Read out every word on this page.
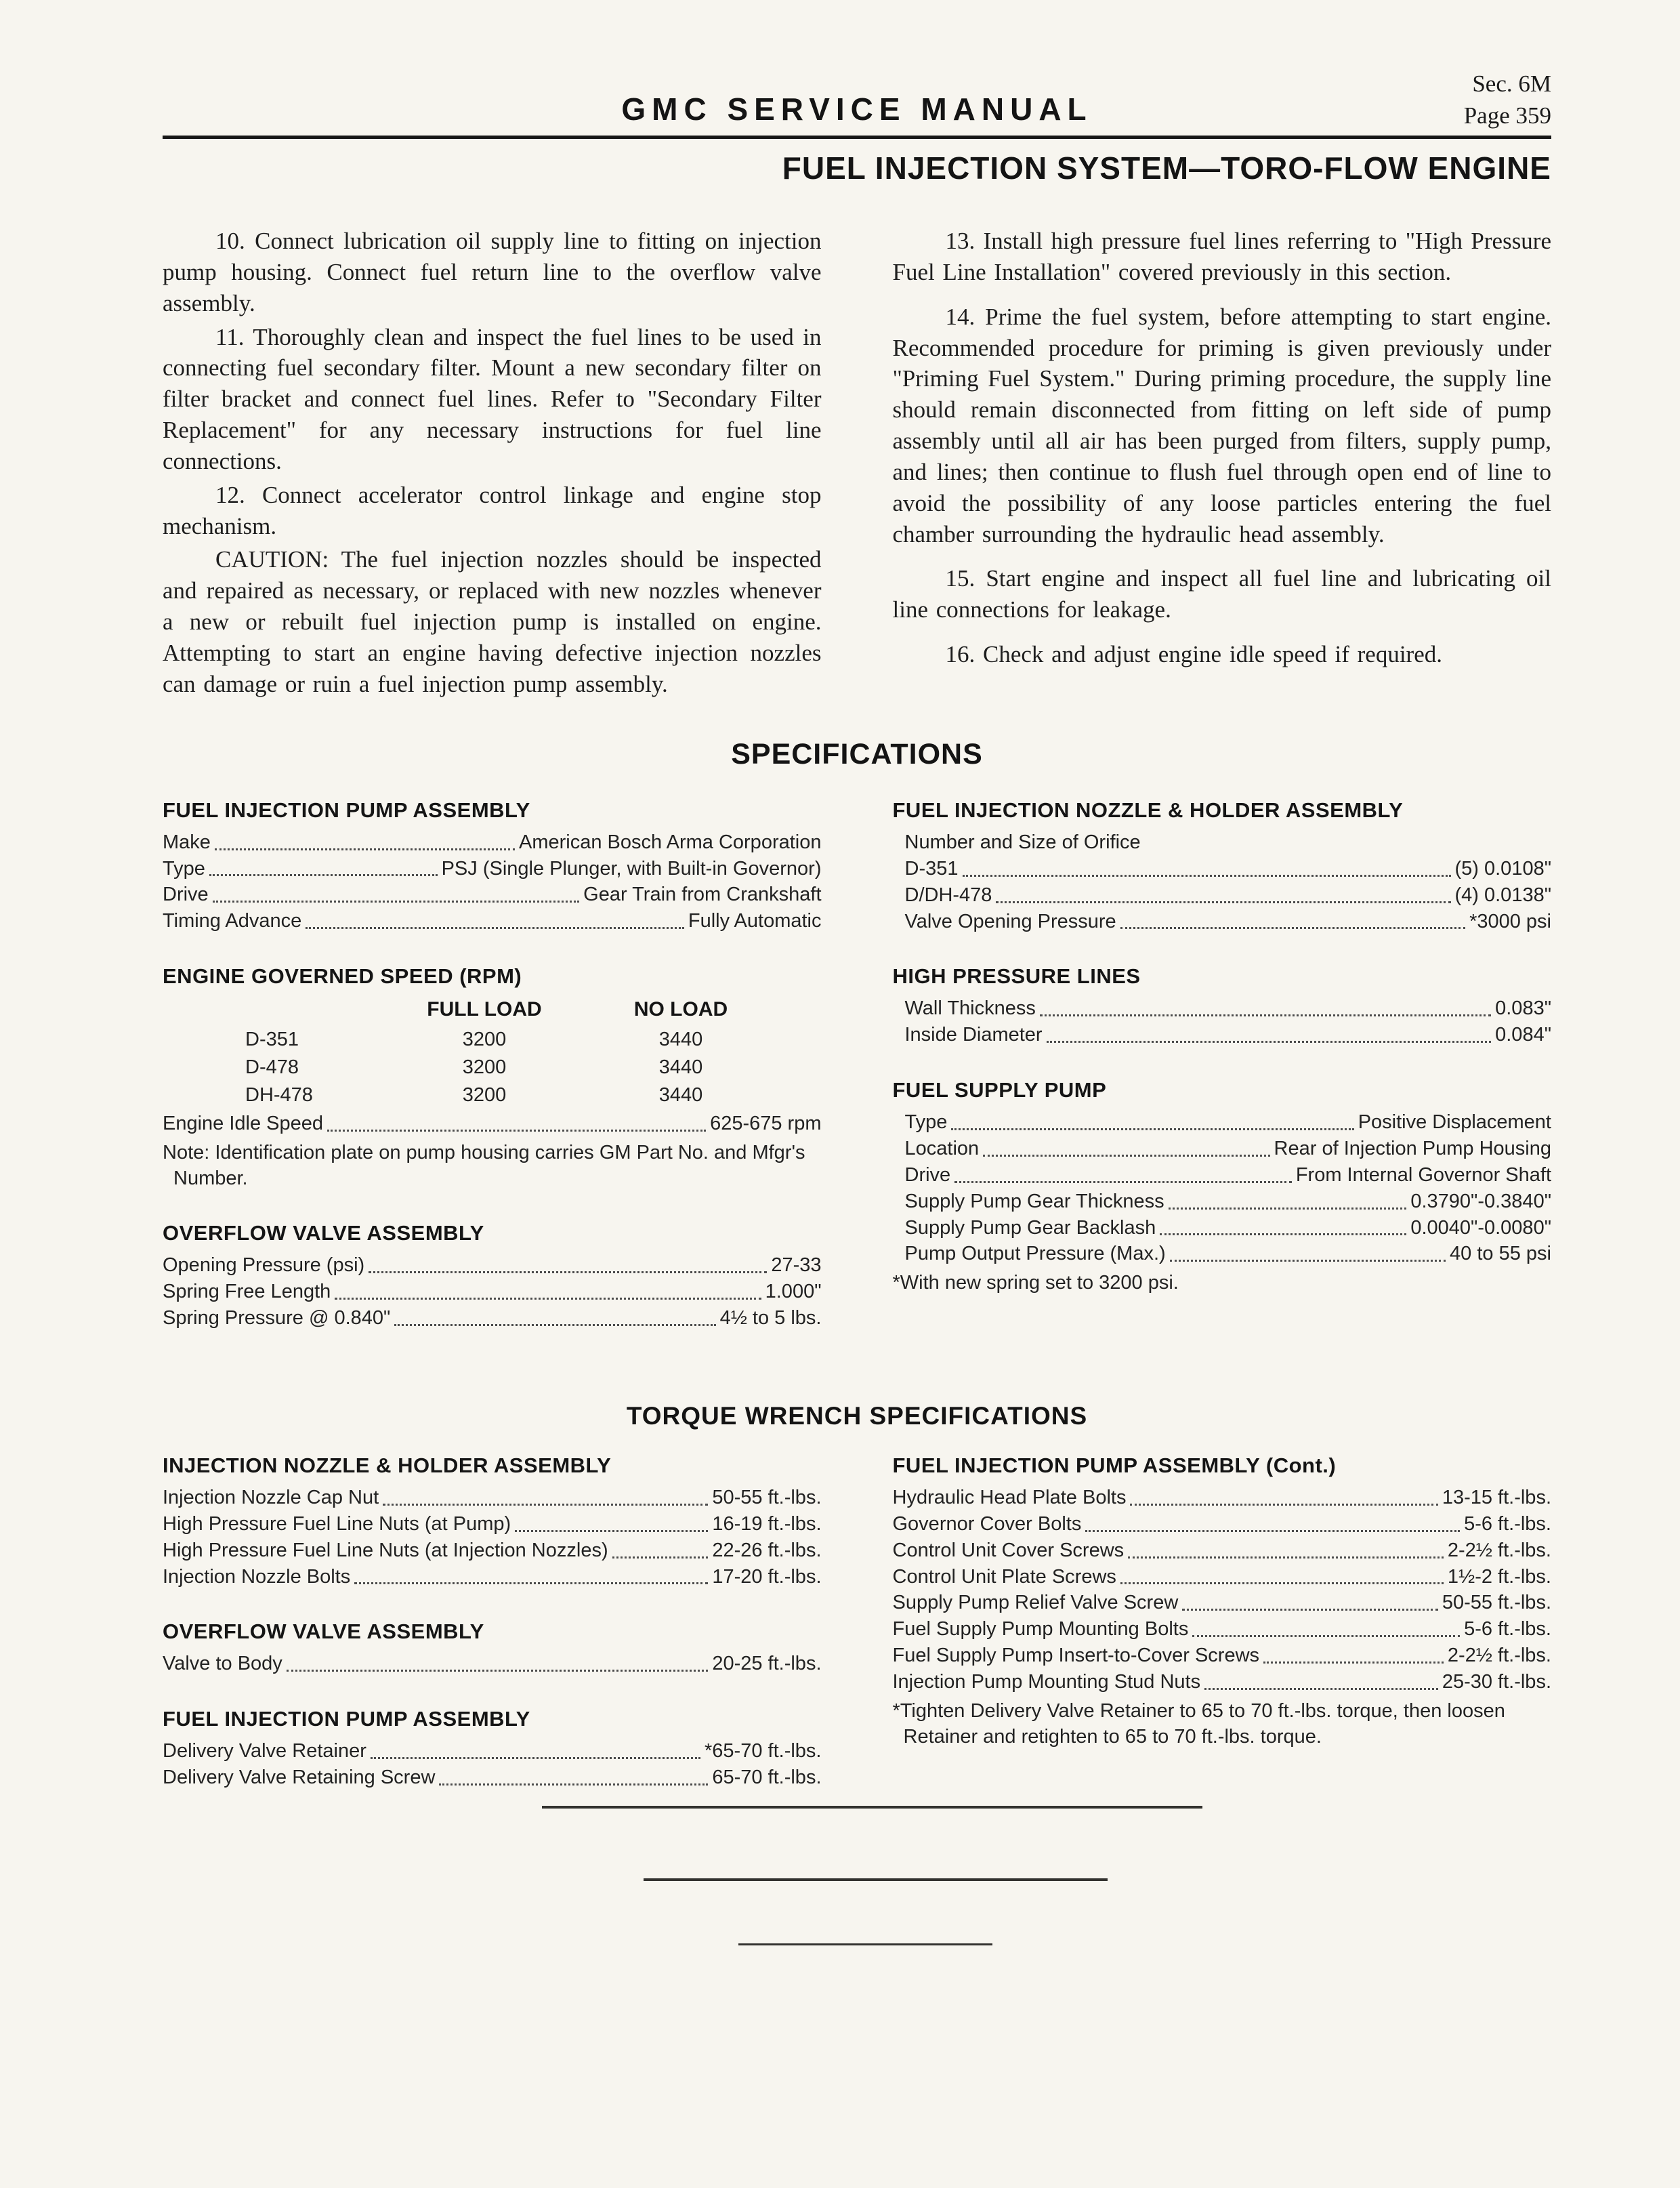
GMC SERVICE MANUAL
Sec. 6M
Page 359
FUEL INJECTION SYSTEM—TORO-FLOW ENGINE

10. Connect lubrication oil supply line to fitting on injection pump housing. Connect fuel return line to the overflow valve assembly.

11. Thoroughly clean and inspect the fuel lines to be used in connecting fuel secondary filter. Mount a new secondary filter on filter bracket and connect fuel lines. Refer to "Secondary Filter Replacement" for any necessary instructions for fuel line connections.

12. Connect accelerator control linkage and engine stop mechanism.

CAUTION: The fuel injection nozzles should be inspected and repaired as necessary, or replaced with new nozzles whenever a new or rebuilt fuel injection pump is installed on engine. Attempting to start an engine having defective injection nozzles can damage or ruin a fuel injection pump assembly.

13. Install high pressure fuel lines referring to "High Pressure Fuel Line Installation" covered previously in this section.

14. Prime the fuel system, before attempting to start engine. Recommended procedure for priming is given previously under "Priming Fuel System." During priming procedure, the supply line should remain disconnected from fitting on left side of pump assembly until all air has been purged from filters, supply pump, and lines; then continue to flush fuel through open end of line to avoid the possibility of any loose particles entering the fuel chamber surrounding the hydraulic head assembly.

15. Start engine and inspect all fuel line and lubricating oil line connections for leakage.

16. Check and adjust engine idle speed if required.

SPECIFICATIONS
FUEL INJECTION PUMP ASSEMBLY
Make	American Bosch Arma Corporation
Type	PSJ (Single Plunger, with Built-in Governor)
Drive	Gear Train from Crankshaft
Timing Advance	Fully Automatic
ENGINE GOVERNED SPEED (RPM)
FULL LOAD	NO LOAD
D-351	3200	3440
D-478	3200	3440
DH-478	3200	3440
Engine Idle Speed	625-675 rpm
Note: Identification plate on pump housing carries GM Part No. and Mfgr's Number.
OVERFLOW VALVE ASSEMBLY
Opening Pressure (psi)	27-33
Spring Free Length	1.000"
Spring Pressure @ 0.840"	4½ to 5 lbs.
FUEL INJECTION NOZZLE & HOLDER ASSEMBLY
Number and Size of Orifice
D-351	(5) 0.0108"
D/DH-478	(4) 0.0138"
Valve Opening Pressure	*3000 psi
HIGH PRESSURE LINES
Wall Thickness	0.083"
Inside Diameter	0.084"
FUEL SUPPLY PUMP
Type	Positive Displacement
Location	Rear of Injection Pump Housing
Drive	From Internal Governor Shaft
Supply Pump Gear Thickness	0.3790"-0.3840"
Supply Pump Gear Backlash	0.0040"-0.0080"
Pump Output Pressure (Max.)	40 to 55 psi
*With new spring set to 3200 psi.
TORQUE WRENCH SPECIFICATIONS
INJECTION NOZZLE & HOLDER ASSEMBLY
Injection Nozzle Cap Nut	50-55 ft.-lbs.
High Pressure Fuel Line Nuts (at Pump)	16-19 ft.-lbs.
High Pressure Fuel Line Nuts (at Injection Nozzles)	22-26 ft.-lbs.
Injection Nozzle Bolts	17-20 ft.-lbs.
OVERFLOW VALVE ASSEMBLY
Valve to Body	20-25 ft.-lbs.
FUEL INJECTION PUMP ASSEMBLY
Delivery Valve Retainer	*65-70 ft.-lbs.
Delivery Valve Retaining Screw	65-70 ft.-lbs.
FUEL INJECTION PUMP ASSEMBLY (Cont.)
Hydraulic Head Plate Bolts	13-15 ft.-lbs.
Governor Cover Bolts	5-6 ft.-lbs.
Control Unit Cover Screws	2-2½ ft.-lbs.
Control Unit Plate Screws	1½-2 ft.-lbs.
Supply Pump Relief Valve Screw	50-55 ft.-lbs.
Fuel Supply Pump Mounting Bolts	5-6 ft.-lbs.
Fuel Supply Pump Insert-to-Cover Screws	2-2½ ft.-lbs.
Injection Pump Mounting Stud Nuts	25-30 ft.-lbs.
*Tighten Delivery Valve Retainer to 65 to 70 ft.-lbs. torque, then loosen Retainer and retighten to 65 to 70 ft.-lbs. torque.
